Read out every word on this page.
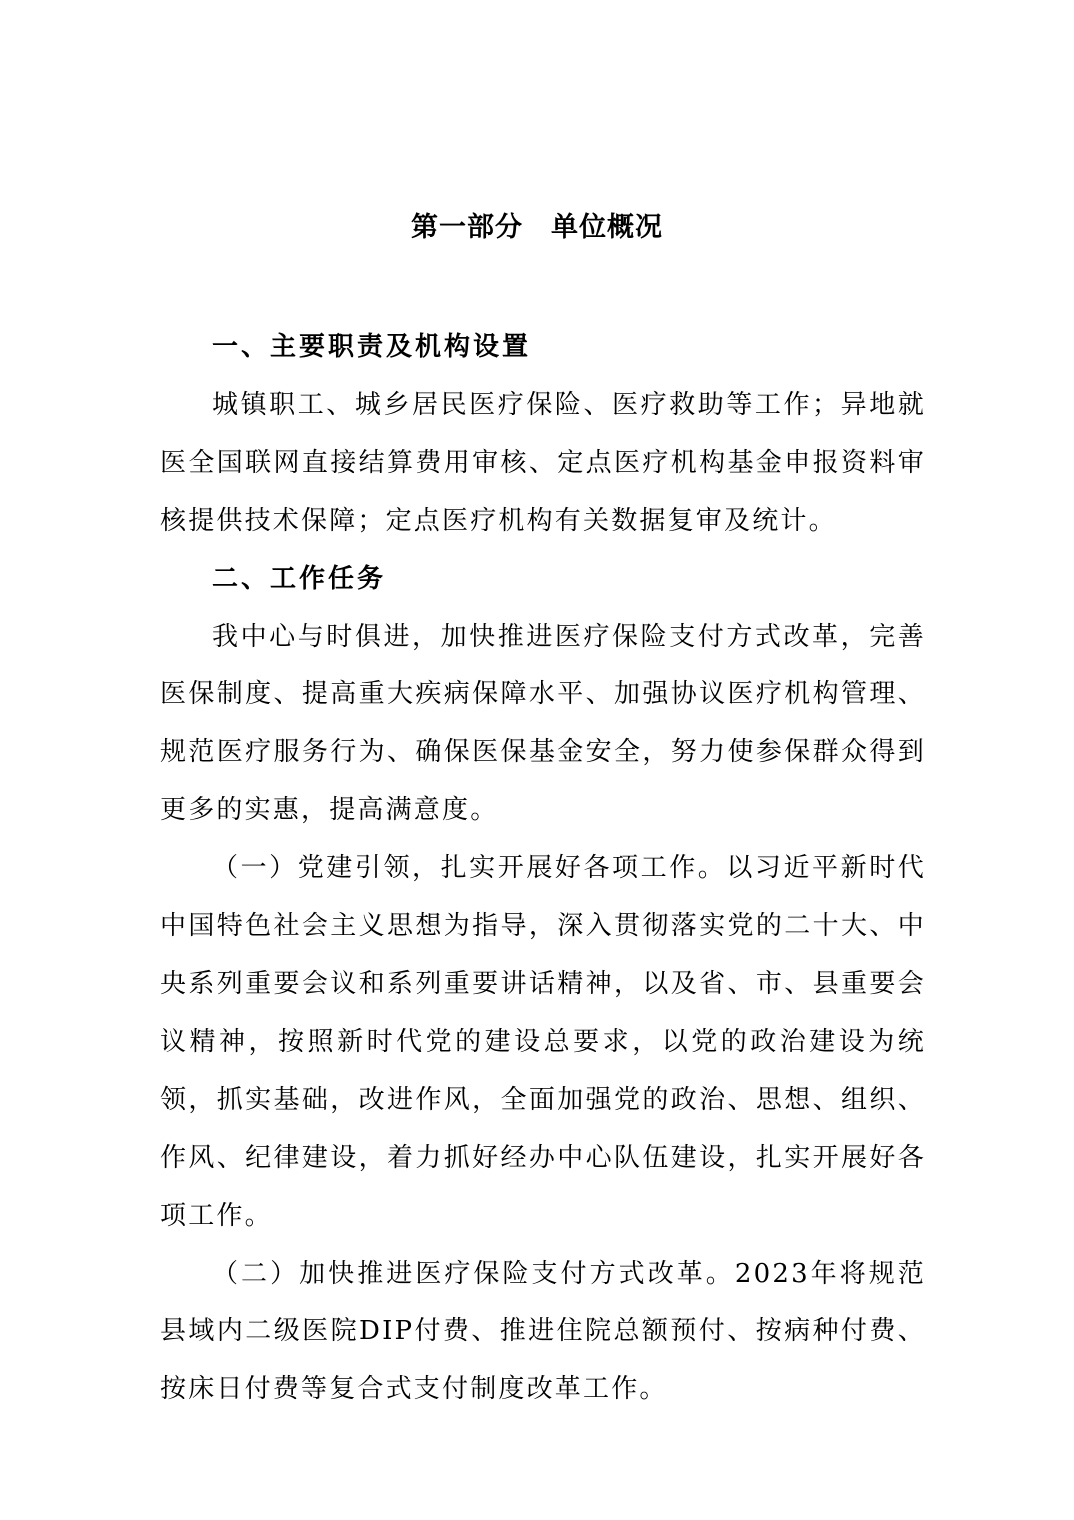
第一部分　单位概况

一、主要职责及机构设置

城镇职工、城乡居民医疗保险、医疗救助等工作；异地就医全国联网直接结算费用审核、定点医疗机构基金申报资料审核提供技术保障；定点医疗机构有关数据复审及统计。

二、工作任务

我中心与时俱进，加快推进医疗保险支付方式改革，完善医保制度、提高重大疾病保障水平、加强协议医疗机构管理、规范医疗服务行为、确保医保基金安全，努力使参保群众得到更多的实惠，提高满意度。

（一）党建引领，扎实开展好各项工作。以习近平新时代中国特色社会主义思想为指导，深入贯彻落实党的二十大、中央系列重要会议和系列重要讲话精神，以及省、市、县重要会议精神，按照新时代党的建设总要求，以党的政治建设为统领，抓实基础，改进作风，全面加强党的政治、思想、组织、作风、纪律建设，着力抓好经办中心队伍建设，扎实开展好各项工作。

（二）加快推进医疗保险支付方式改革。2023年将规范县域内二级医院DIP付费、推进住院总额预付、按病种付费、按床日付费等复合式支付制度改革工作。
